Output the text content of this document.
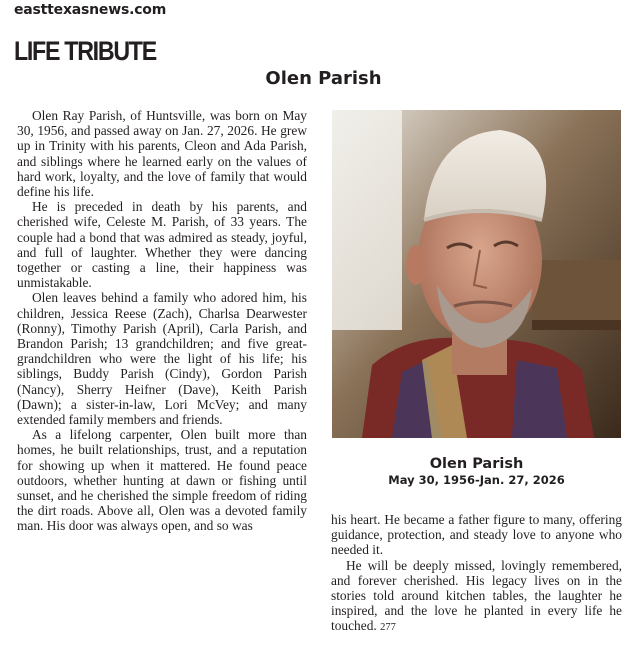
easttexasnews.com
LIFE TRIBUTE
Olen Parish

Olen Ray Parish, of Huntsville, was born on May 30, 1956, and passed away on Jan. 27, 2026. He grew up in Trinity with his parents, Cleon and Ada Parish, and siblings where he learned early on the values of hard work, loyalty, and the love of family that would define his life.

He is preceded in death by his parents, and cherished wife, Celeste M. Parish, of 33 years. The couple had a bond that was admired as steady, joyful, and full of laughter. Whether they were dancing together or casting a line, their happiness was unmistakable.

Olen leaves behind a family who adored him, his children, Jessica Reese (Zach), Charlsa Dearwester (Ronny), Timothy Parish (April), Carla Parish, and Brandon Parish; 13 grandchildren; and five great-grandchildren who were the light of his life; his siblings, Buddy Parish (Cindy), Gordon Parish (Nancy), Sherry Heifner (Dave), Keith Parish (Dawn); a sister-in-law, Lori McVey; and many extended family members and friends.

As a lifelong carpenter, Olen built more than homes, he built relationships, trust, and a reputation for showing up when it mattered. He found peace outdoors, whether hunting at dawn or fishing until sunset, and he cherished the simple freedom of riding the dirt roads. Above all, Olen was a devoted family man. His door was always open, and so was

Olen Parish
May 30, 1956-Jan. 27, 2026

his heart. He became a father figure to many, offering guidance, protection, and steady love to anyone who needed it.

He will be deeply missed, lovingly remembered, and forever cherished. His legacy lives on in the stories told around kitchen tables, the laughter he inspired, and the love he planted in every life he touched. 277
